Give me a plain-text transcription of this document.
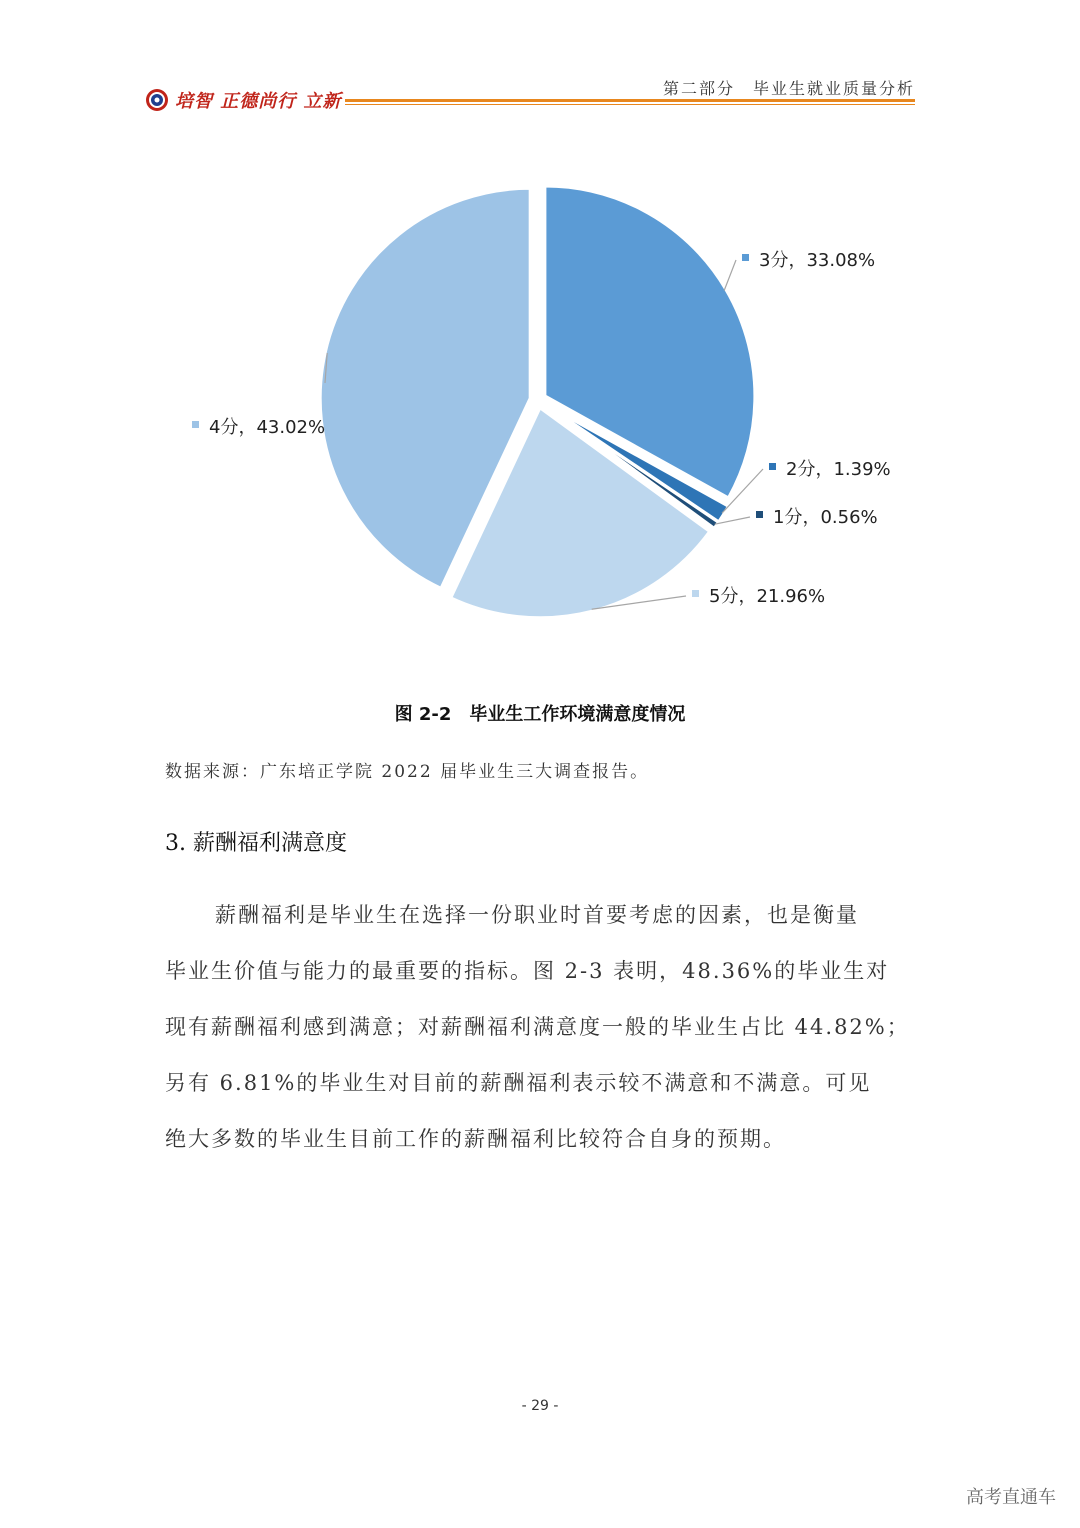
培智 正德尚行 立新
第二部分　毕业生就业质量分析
3分，33.08%
2分，1.39%
1分，0.56%
5分，21.96%
4分，43.02%
图 2-2　毕业生工作环境满意度情况
数据来源：广东培正学院 2022 届毕业生三大调查报告。
3. 薪酬福利满意度
薪酬福利是毕业生在选择一份职业时首要考虑的因素，也是衡量
毕业生价值与能力的最重要的指标。图 2-3 表明，48.36%的毕业生对
现有薪酬福利感到满意；对薪酬福利满意度一般的毕业生占比 44.82%；
另有 6.81%的毕业生对目前的薪酬福利表示较不满意和不满意。可见
绝大多数的毕业生目前工作的薪酬福利比较符合自身的预期。
- 29 -
高考直通车
